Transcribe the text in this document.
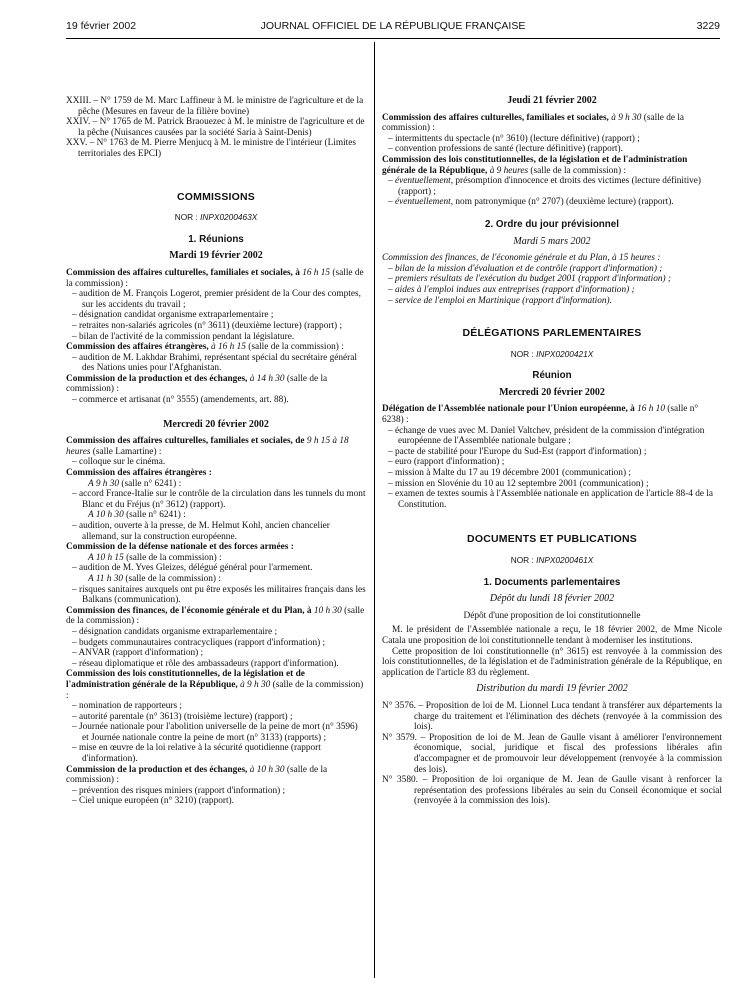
19 février 2002	JOURNAL OFFICIEL DE LA RÉPUBLIQUE FRANÇAISE	3229

XXIII. – N° 1759 de M. Marc Laffineur à M. le ministre de l'agriculture et de la pêche (Mesures en faveur de la filière bovine)

XXIV. – N° 1765 de M. Patrick Braouezec à M. le ministre de l'agriculture et de la pêche (Nuisances causées par la société Saria à Saint-Denis)

XXV. – N° 1763 de M. Pierre Menjucq à M. le ministre de l'intérieur (Limites territoriales des EPCI)

COMMISSIONS
NOR : INPX0200463X
1. Réunions
Mardi 19 février 2002

Commission des affaires culturelles, familiales et sociales, à 16 h 15 (salle de la commission) :

– audition de M. François Logerot, premier président de la Cour des comptes, sur les accidents du travail ;

– désignation candidat organisme extraparlementaire ;

– retraites non-salariés agricoles (n° 3611) (deuxième lecture) (rapport) ;

– bilan de l'activité de la commission pendant la législature.

Commission des affaires étrangères, à 16 h 15 (salle de la commission) :

– audition de M. Lakhdar Brahimi, représentant spécial du secrétaire général des Nations unies pour l'Afghanistan.

Commission de la production et des échanges, à 14 h 30 (salle de la commission) :

– commerce et artisanat (n° 3555) (amendements, art. 88).

Mercredi 20 février 2002

Commission des affaires culturelles, familiales et sociales, de 9 h 15 à 18 heures (salle Lamartine) :

– colloque sur le cinéma.

Commission des affaires étrangères :

A 9 h 30 (salle n° 6241) :

– accord France-Italie sur le contrôle de la circulation dans les tunnels du mont Blanc et du Fréjus (n° 3612) (rapport).

A 10 h 30 (salle n° 6241) :

– audition, ouverte à la presse, de M. Helmut Kohl, ancien chancelier allemand, sur la construction européenne.

Commission de la défense nationale et des forces armées :

A 10 h 15 (salle de la commission) :

– audition de M. Yves Gleizes, délégué général pour l'armement.

A 11 h 30 (salle de la commission) :

– risques sanitaires auxquels ont pu être exposés les militaires français dans les Balkans (communication).

Commission des finances, de l'économie générale et du Plan, à 10 h 30 (salle de la commission) :

– désignation candidats organisme extraparlementaire ;

– budgets communautaires contracycliques (rapport d'information) ;

– ANVAR (rapport d'information) ;

– réseau diplomatique et rôle des ambassadeurs (rapport d'information).

Commission des lois constitutionnelles, de la législation et de l'administration générale de la République, à 9 h 30 (salle de la commission) :

– nomination de rapporteurs ;

– autorité parentale (n° 3613) (troisième lecture) (rapport) ;

– Journée nationale pour l'abolition universelle de la peine de mort (n° 3596) et Journée nationale contre la peine de mort (n° 3133) (rapports) ;

– mise en œuvre de la loi relative à la sécurité quotidienne (rapport d'information).

Commission de la production et des échanges, à 10 h 30 (salle de la commission) :

– prévention des risques miniers (rapport d'information) ;

– Ciel unique européen (n° 3210) (rapport).

Jeudi 21 février 2002

Commission des affaires culturelles, familiales et sociales, à 9 h 30 (salle de la commission) :

– intermittents du spectacle (n° 3610) (lecture définitive) (rapport) ;

– convention professions de santé (lecture définitive) (rapport).

Commission des lois constitutionnelles, de la législation et de l'administration générale de la République, à 9 heures (salle de la commission) :

– éventuellement, présomption d'innocence et droits des victimes (lecture définitive) (rapport) ;

– éventuellement, nom patronymique (n° 2707) (deuxième lecture) (rapport).

2. Ordre du jour prévisionnel
Mardi 5 mars 2002

Commission des finances, de l'économie générale et du Plan, à 15 heures :

– bilan de la mission d'évaluation et de contrôle (rapport d'information) ;

– premiers résultats de l'exécution du budget 2001 (rapport d'information) ;

– aides à l'emploi indues aux entreprises (rapport d'information) ;

– service de l'emploi en Martinique (rapport d'information).

DÉLÉGATIONS PARLEMENTAIRES
NOR : INPX0200421X
Réunion
Mercredi 20 février 2002

Délégation de l'Assemblée nationale pour l'Union européenne, à 16 h 10 (salle n° 6238) :

– échange de vues avec M. Daniel Valtchev, président de la commission d'intégration européenne de l'Assemblée nationale bulgare ;

– pacte de stabilité pour l'Europe du Sud-Est (rapport d'information) ;

– euro (rapport d'information) ;

– mission à Malte du 17 au 19 décembre 2001 (communication) ;

– mission en Slovénie du 10 au 12 septembre 2001 (communication) ;

– examen de textes soumis à l'Assemblée nationale en application de l'article 88-4 de la Constitution.

DOCUMENTS ET PUBLICATIONS
NOR : INPX0200461X
1. Documents parlementaires
Dépôt du lundi 18 février 2002

Dépôt d'une proposition de loi constitutionnelle

M. le président de l'Assemblée nationale a reçu, le 18 février 2002, de Mme Nicole Catala une proposition de loi constitutionnelle tendant à moderniser les institutions.

Cette proposition de loi constitutionnelle (n° 3615) est renvoyée à la commission des lois constitutionnelles, de la législation et de l'administration générale de la République, en application de l'article 83 du règlement.

Distribution du mardi 19 février 2002

N° 3576. – Proposition de loi de M. Lionnel Luca tendant à transférer aux départements la charge du traitement et l'élimination des déchets (renvoyée à la commission des lois).

N° 3579. – Proposition de loi de M. Jean de Gaulle visant à améliorer l'environnement économique, social, juridique et fiscal des professions libérales afin d'accompagner et de promouvoir leur développement (renvoyée à la commission des lois).

N° 3580. – Proposition de loi organique de M. Jean de Gaulle visant à renforcer la représentation des professions libérales au sein du Conseil économique et social (renvoyée à la commission des lois).
